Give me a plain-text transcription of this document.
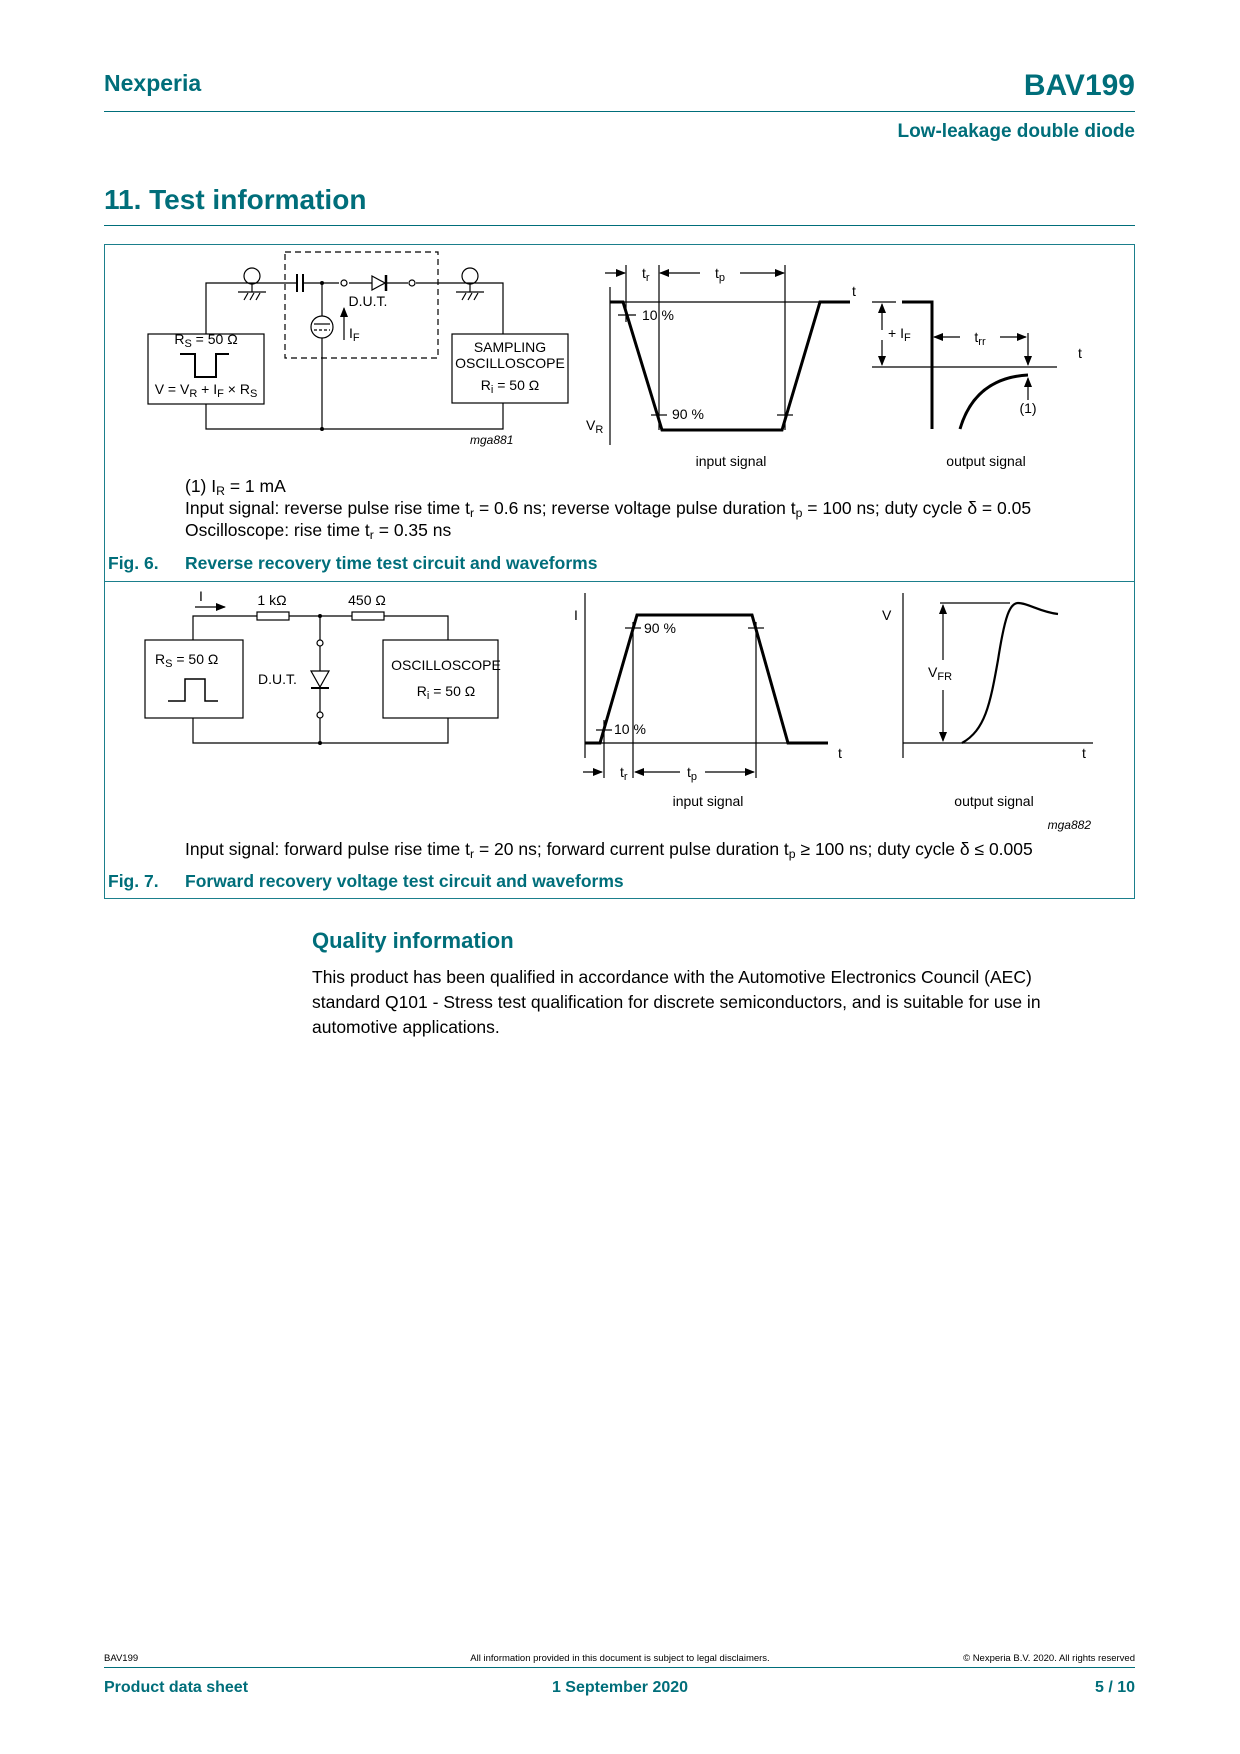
Nexperia	BAV199
Low-leakage double diode
11. Test information
IF
D.U.T.
RS = 50 Ω
V = VR + IF × RS
SAMPLING
OSCILLOSCOPE
Ri = 50 Ω
mga881
VR
tr	tp
t
10 %
90 %
input signal
+ IF	trr
(1)
t
output signal
I	1 kΩ	450 Ω
D.U.T.
RS = 50 Ω	OSCILLOSCOPE
Ri = 50 Ω
I
10 %
90 %
tr	tp
t
input signal
V
VFR
t
output signal
mga882
(1) $I_R = 1$ mA
Input signal: reverse pulse rise time $t_r = 0.6$ ns; reverse voltage pulse duration $t_p = 100$ ns; duty cycle δ = 0.05
Oscilloscope: rise time $t_r = 0.35$ ns
Fig. 6. Reverse recovery time test circuit and waveforms
Input signal: forward pulse rise time $t_r = 20$ ns; forward current pulse duration $t_p \ge 100$ ns; duty cycle δ ≤ 0.005
Fig. 7. Forward recovery voltage test circuit and waveforms
Quality information
This product has been qualified in accordance with the Automotive Electronics Council (AEC)
standard Q101 - Stress test qualification for discrete semiconductors, and is suitable for use in
automotive applications.
BAV199	All information provided in this document is subject to legal disclaimers.	© Nexperia B.V. 2020. All rights reserved
Product data sheet	1 September 2020	5 / 10
